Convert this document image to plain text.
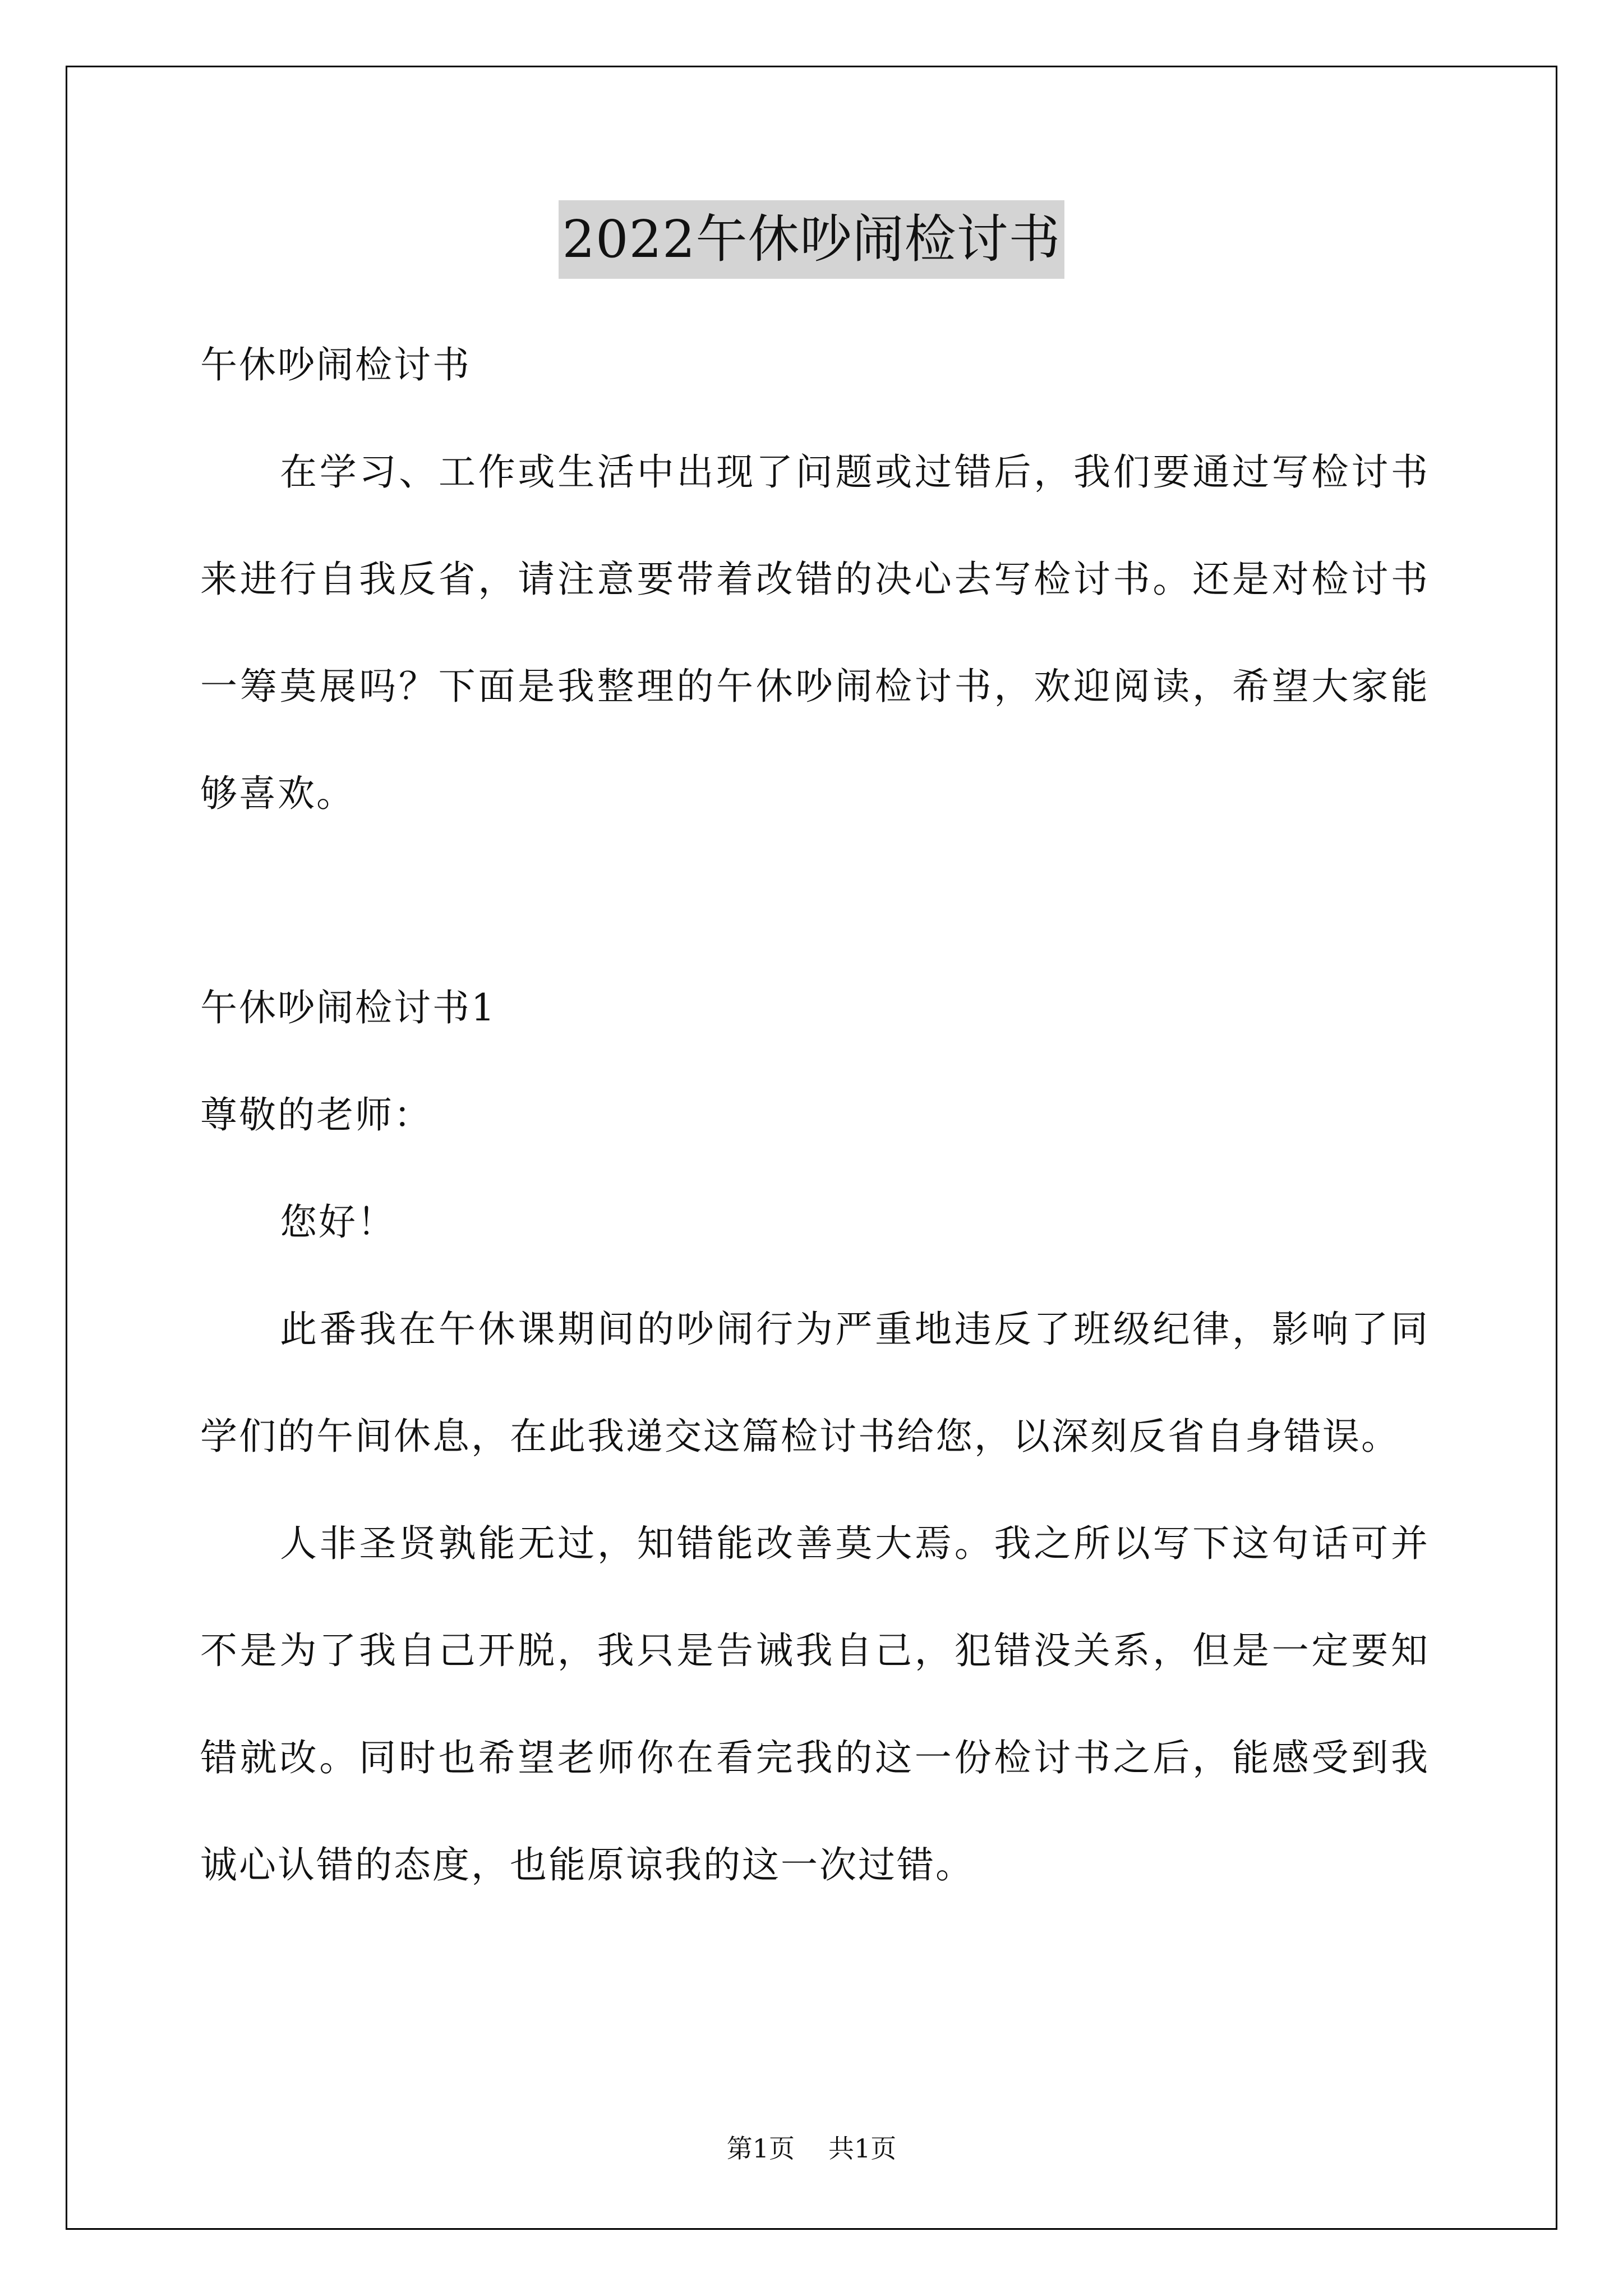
2022午休吵闹检讨书

午休吵闹检讨书

在学习、工作或生活中出现了问题或过错后，我们要通过写检讨书来进行自我反省，请注意要带着改错的决心去写检讨书。还是对检讨书一筹莫展吗？下面是我整理的午休吵闹检讨书，欢迎阅读，希望大家能够喜欢。

午休吵闹检讨书1

尊敬的老师：

您好！

此番我在午休课期间的吵闹行为严重地违反了班级纪律，影响了同学们的午间休息，在此我递交这篇检讨书给您，以深刻反省自身错误。

人非圣贤孰能无过，知错能改善莫大焉。我之所以写下这句话可并不是为了我自己开脱，我只是告诫我自己，犯错没关系，但是一定要知错就改。同时也希望老师你在看完我的这一份检讨书之后，能感受到我诚心认错的态度，也能原谅我的这一次过错。

第1页 共1页
